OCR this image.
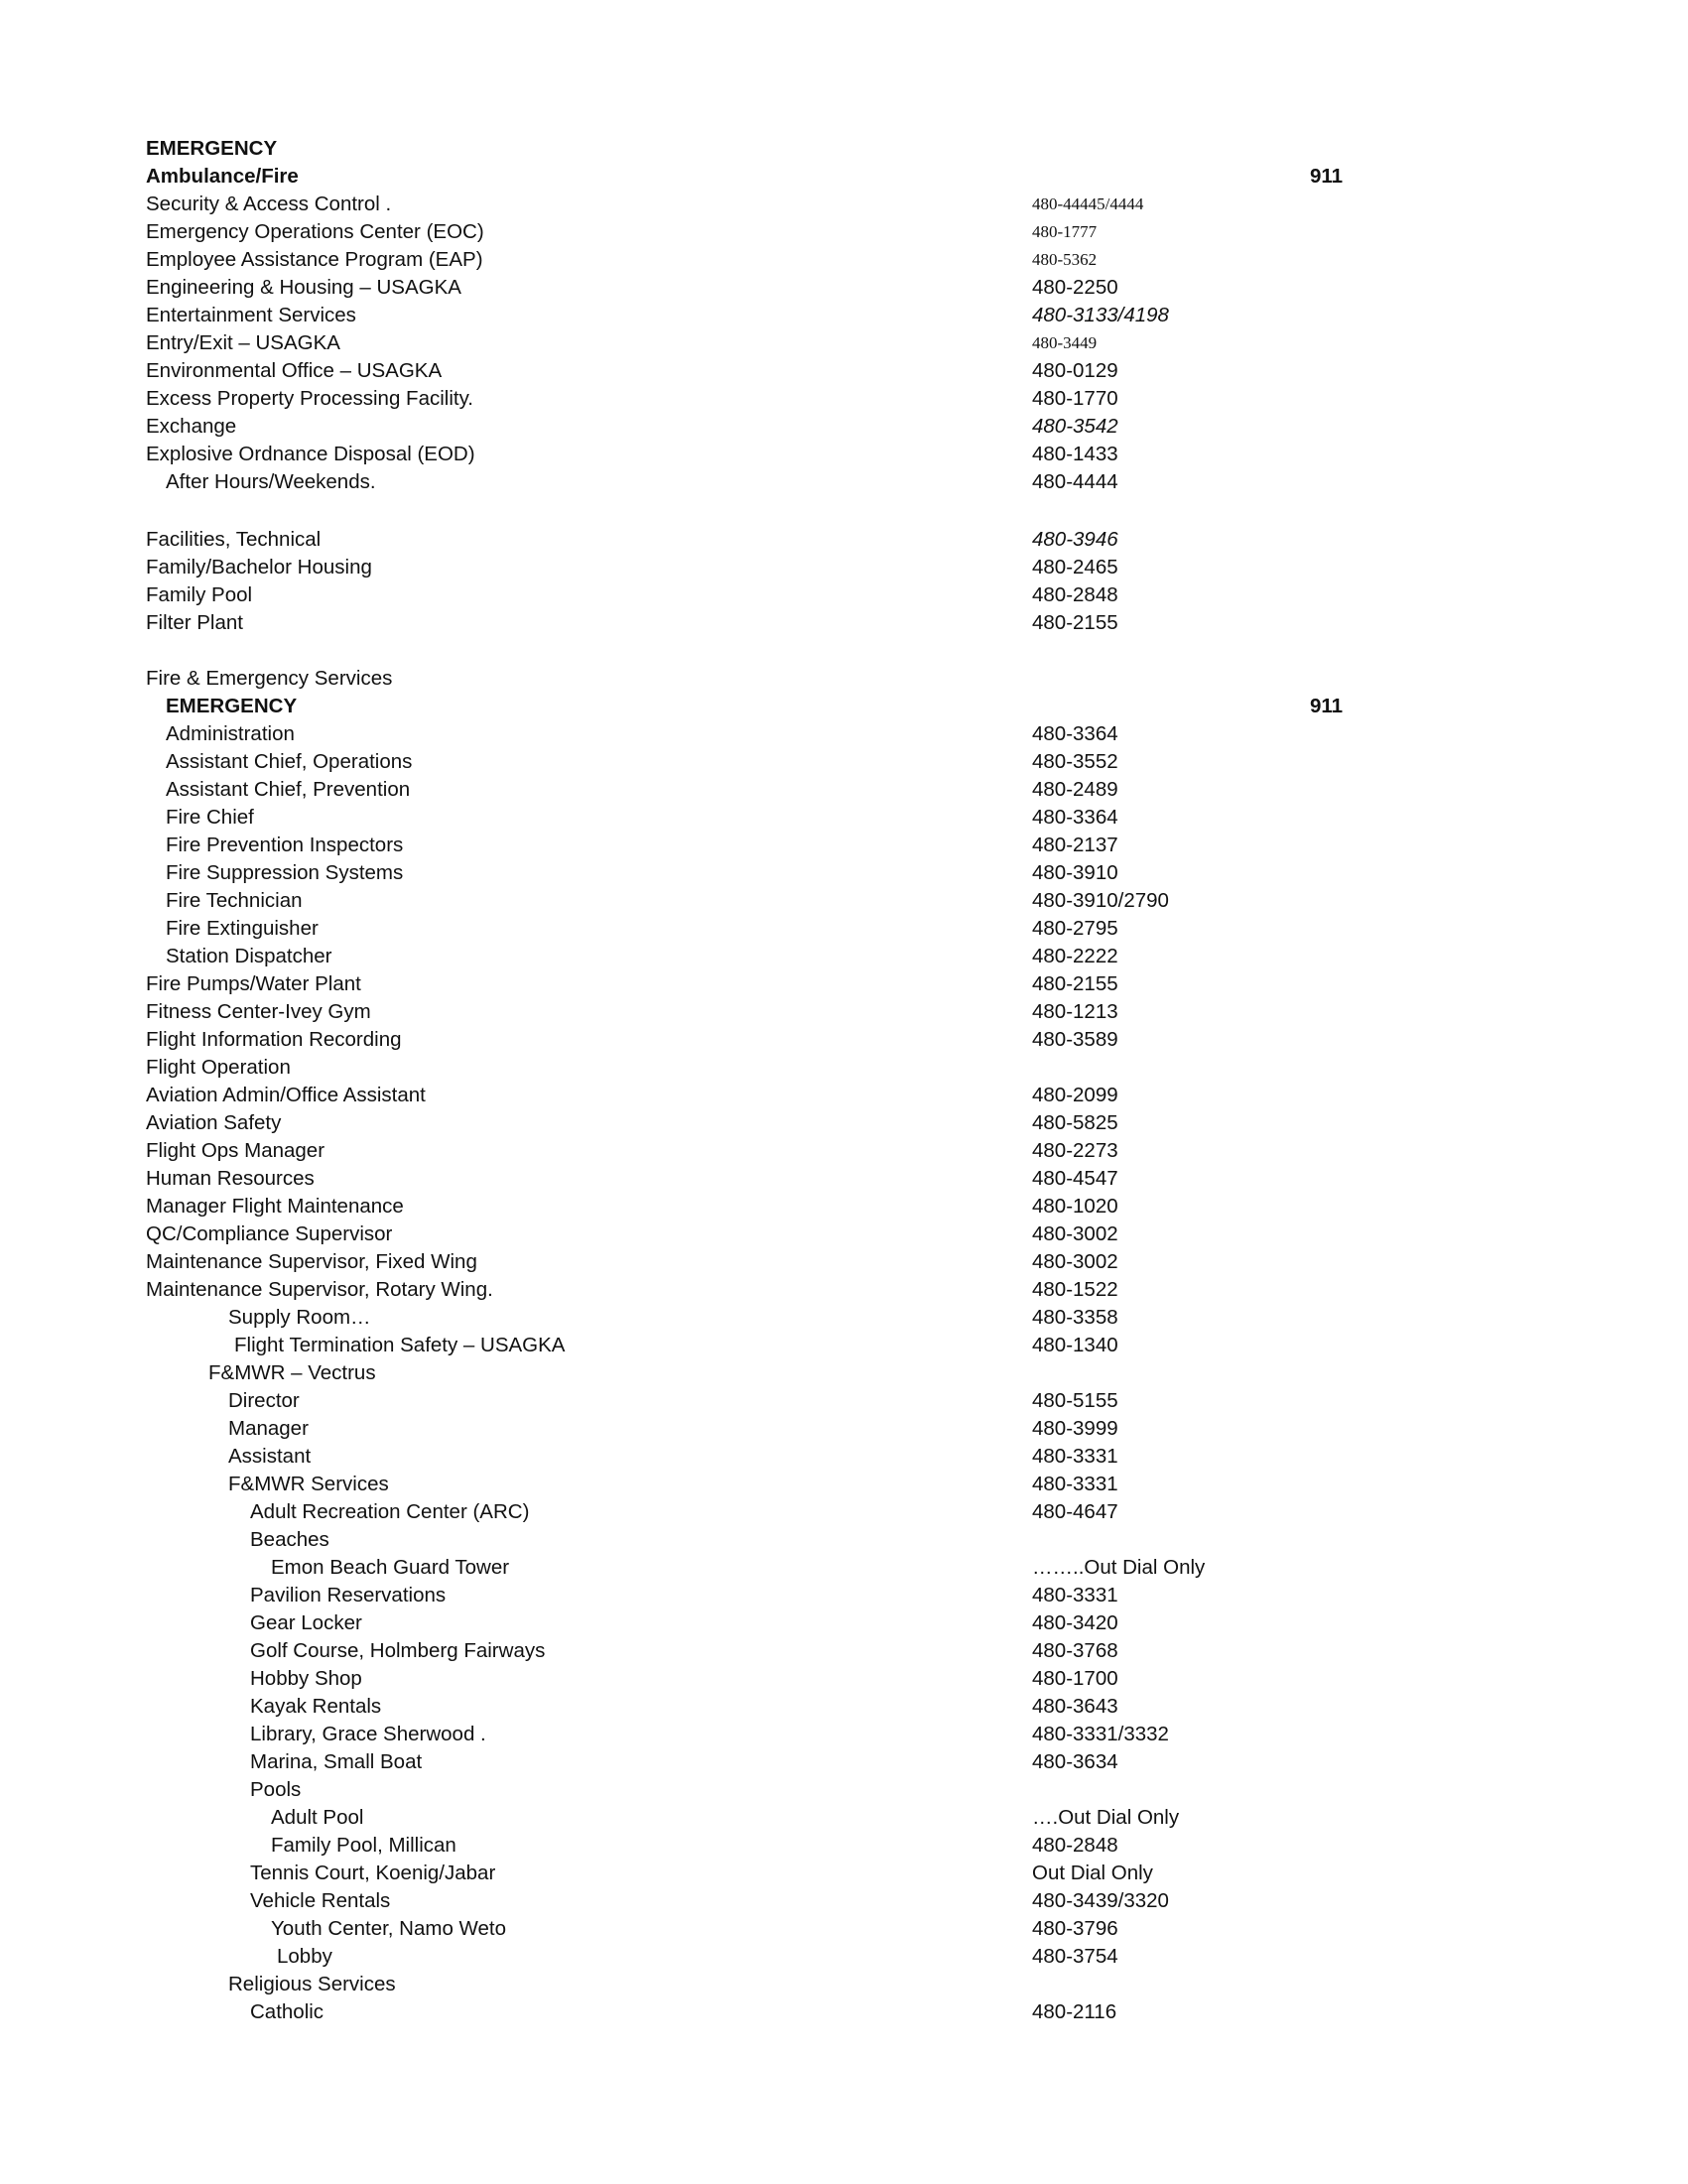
EMERGENCY
Ambulance/Fire	911
Security & Access Control .	480-44445/4444
Emergency Operations Center (EOC)	480-1777
Employee Assistance Program (EAP)	480-5362
Engineering & Housing – USAGKA	480-2250
Entertainment Services	480-3133/4198
Entry/Exit – USAGKA	480-3449
Environmental Office – USAGKA	480-0129
Excess Property Processing Facility.	480-1770
Exchange	480-3542
Explosive Ordnance Disposal (EOD)	480-1433
After Hours/Weekends.	480-4444
Facilities, Technical	480-3946
Family/Bachelor Housing	480-2465
Family Pool	480-2848
Filter Plant	480-2155
Fire & Emergency Services
EMERGENCY	911
Administration	480-3364
Assistant Chief, Operations	480-3552
Assistant Chief, Prevention	480-2489
Fire Chief	480-3364
Fire Prevention Inspectors	480-2137
Fire Suppression Systems	480-3910
Fire Technician	480-3910/2790
Fire Extinguisher	480-2795
Station Dispatcher	480-2222
Fire Pumps/Water Plant	480-2155
Fitness Center-Ivey Gym	480-1213
Flight Information Recording	480-3589
Flight Operation
Aviation Admin/Office Assistant	480-2099
Aviation Safety	480-5825
Flight Ops Manager	480-2273
Human Resources	480-4547
Manager Flight Maintenance	480-1020
QC/Compliance Supervisor	480-3002
Maintenance Supervisor, Fixed Wing	480-3002
Maintenance Supervisor, Rotary Wing.	480-1522
Supply Room…	480-3358
Flight Termination Safety – USAGKA	480-1340
F&MWR – Vectrus
Director	480-5155
Manager	480-3999
Assistant	480-3331
F&MWR Services	480-3331
Adult Recreation Center (ARC)	480-4647
Beaches
Emon Beach Guard Tower	……..Out Dial Only
Pavilion Reservations	480-3331
Gear Locker	480-3420
Golf Course, Holmberg Fairways	480-3768
Hobby Shop	480-1700
Kayak Rentals	480-3643
Library, Grace Sherwood .	480-3331/3332
Marina, Small Boat	480-3634
Pools
Adult Pool	….Out Dial Only
Family Pool, Millican	480-2848
Tennis Court, Koenig/Jabar	Out Dial Only
Vehicle Rentals	480-3439/3320
Youth Center, Namo Weto	480-3796
Lobby	480-3754
Religious Services
Catholic	480-2116
